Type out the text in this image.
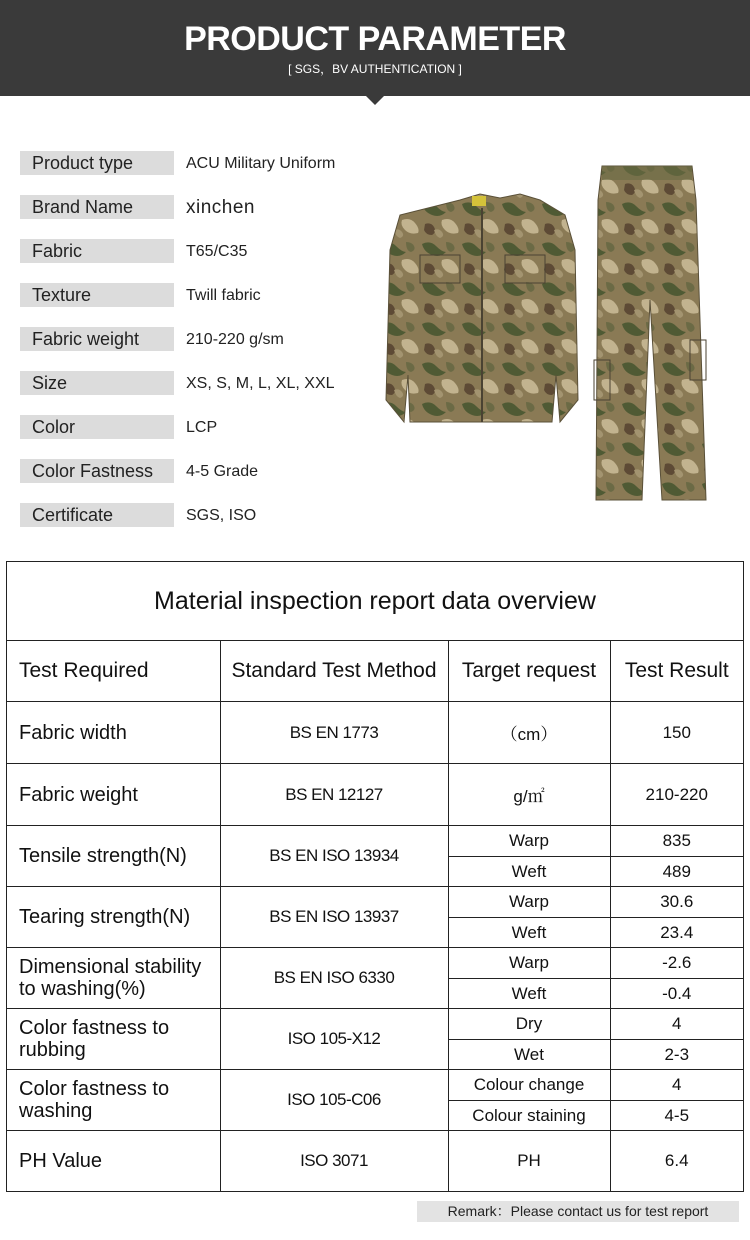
PRODUCT PARAMETER
[ SGS，BV AUTHENTICATION ]
Product type	ACU Military Uniform
Brand Name	xinchen
Fabric	T65/C35
Texture	Twill fabric
Fabric weight	210-220 g/sm
Size	XS, S, M, L, XL, XXL
Color	LCP
Color Fastness	4-5 Grade
Certificate	SGS, ISO
Material inspection report data overview
Test Required	Standard Test Method	Target request	Test Result
Fabric width	BS EN 1773	（cm）	150
Fabric weight	BS EN 12127	g/㎡	210-220
Tensile strength(N)	BS EN ISO 13934	Warp	835
		Weft	489
Tearing strength(N)	BS EN ISO 13937	Warp	30.6
		Weft	23.4
Dimensional stability to washing(%)	BS EN ISO 6330	Warp	-2.6
		Weft	-0.4
Color fastness to rubbing	ISO 105-X12	Dry	4
		Wet	2-3
Color fastness to washing	ISO 105-C06	Colour change	4
		Colour staining	4-5
PH Value	ISO 3071	PH	6.4
Remark：Please contact us for test report
